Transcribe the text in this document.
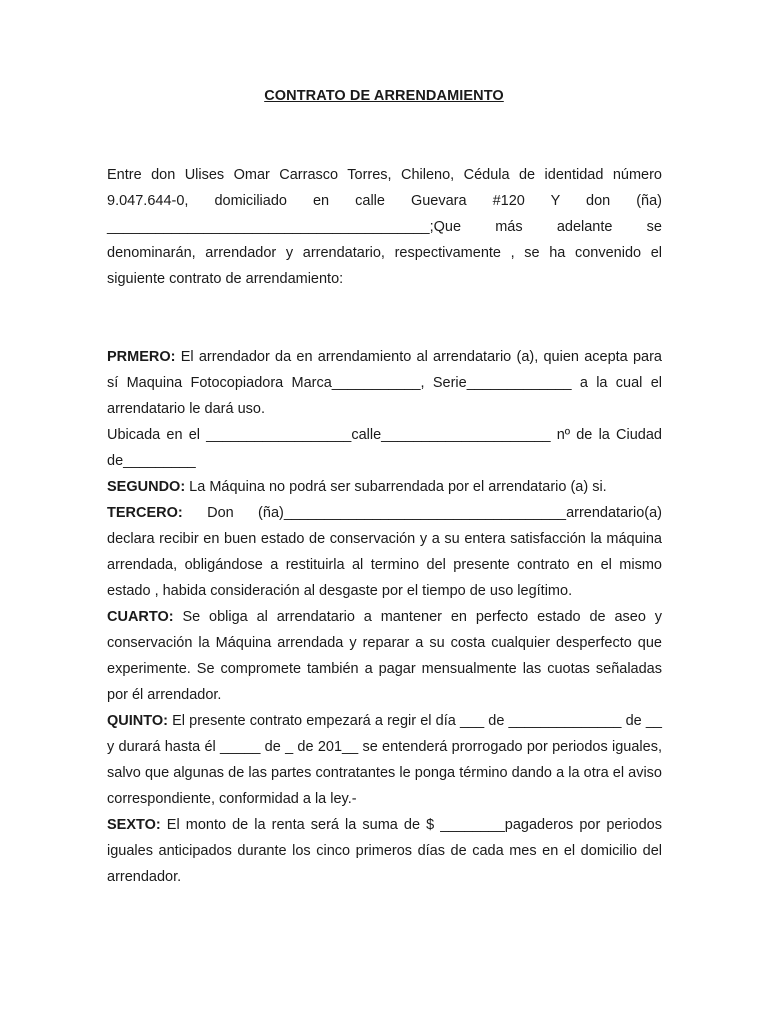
CONTRATO DE ARRENDAMIENTO

Entre don Ulises Omar Carrasco Torres, Chileno, Cédula de identidad número 9.047.644-0, domiciliado en calle Guevara #120 Y don (ña) ________________________________________;Que más adelante se denominarán, arrendador y arrendatario, respectivamente , se ha convenido el siguiente contrato de arrendamiento:

PRMERO: El arrendador da en arrendamiento al arrendatario (a), quien acepta para sí Maquina Fotocopiadora Marca___________, Serie_____________ a la cual el arrendatario le dará uso.

Ubicada en el __________________calle_____________________ nº de la Ciudad de_________

SEGUNDO: La Máquina no podrá ser subarrendada por el arrendatario (a) si.

TERCERO: Don (ña)___________________________________arrendatario(a) declara recibir en buen estado de conservación y a su entera satisfacción la máquina arrendada, obligándose a restituirla al termino del presente contrato en el mismo estado , habida consideración al desgaste por el tiempo de uso legítimo.

CUARTO: Se obliga al arrendatario a mantener en perfecto estado de aseo y conservación la Máquina arrendada y reparar a su costa cualquier desperfecto que experimente. Se compromete también a pagar mensualmente las cuotas señaladas por él arrendador.

QUINTO: El presente contrato empezará a regir el día ___ de ______________ de __ y durará hasta él _____ de _ de 201__ se entenderá prorrogado por periodos iguales, salvo que algunas de las partes contratantes le ponga término dando a la otra el aviso correspondiente, conformidad a la ley.-

SEXTO: El monto de la renta será la suma de $ ________pagaderos por periodos iguales anticipados durante los cinco primeros días de cada mes en el domicilio del arrendador.
